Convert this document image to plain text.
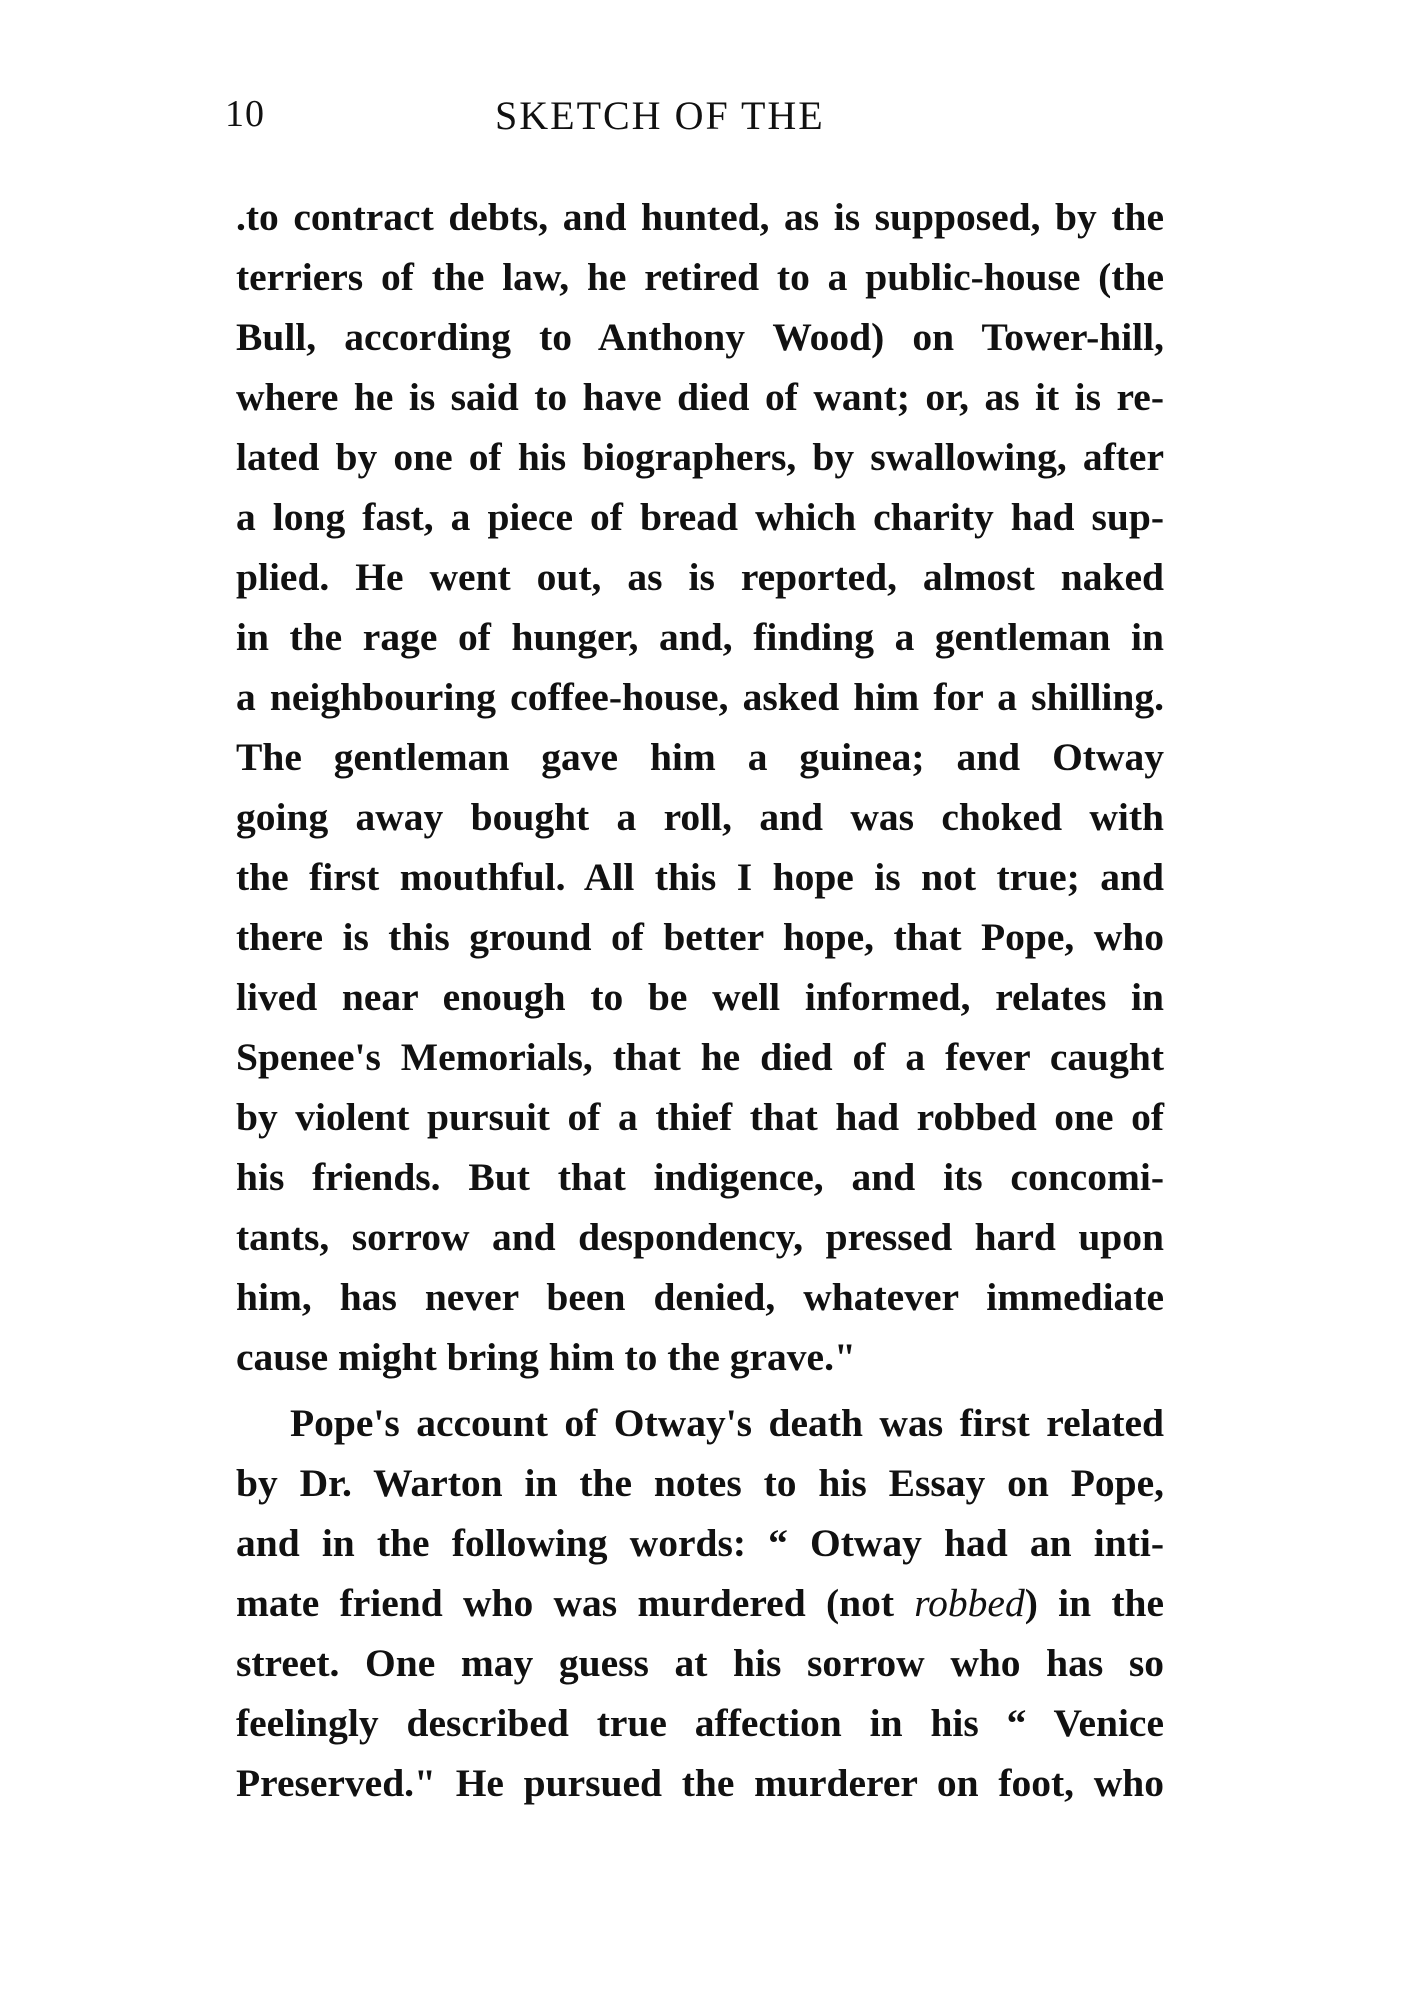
10	SKETCH OF THE
.to contract debts, and hunted, as is supposed, by the
terriers of the law, he retired to a public-house (the
Bull, according to Anthony Wood) on Tower-hill,
where he is said to have died of want; or, as it is re-
lated by one of his biographers, by swallowing, after
a long fast, a piece of bread which charity had sup-
plied. He went out, as is reported, almost naked
in the rage of hunger, and, finding a gentleman in
a neighbouring coffee-house, asked him for a shilling.
The gentleman gave him a guinea; and Otway
going away bought a roll, and was choked with
the first mouthful. All this I hope is not true; and
there is this ground of better hope, that Pope, who
lived near enough to be well informed, relates in
Spenee's Memorials, that he died of a fever caught
by violent pursuit of a thief that had robbed one of
his friends. But that indigence, and its concomi-
tants, sorrow and despondency, pressed hard upon
him, has never been denied, whatever immediate
cause might bring him to the grave."
Pope's account of Otway's death was first related
by Dr. Warton in the notes to his Essay on Pope,
and in the following words: “ Otway had an inti-
mate friend who was murdered (not robbed) in the
street. One may guess at his sorrow who has so
feelingly described true affection in his “ Venice
Preserved." He pursued the murderer on foot, who
